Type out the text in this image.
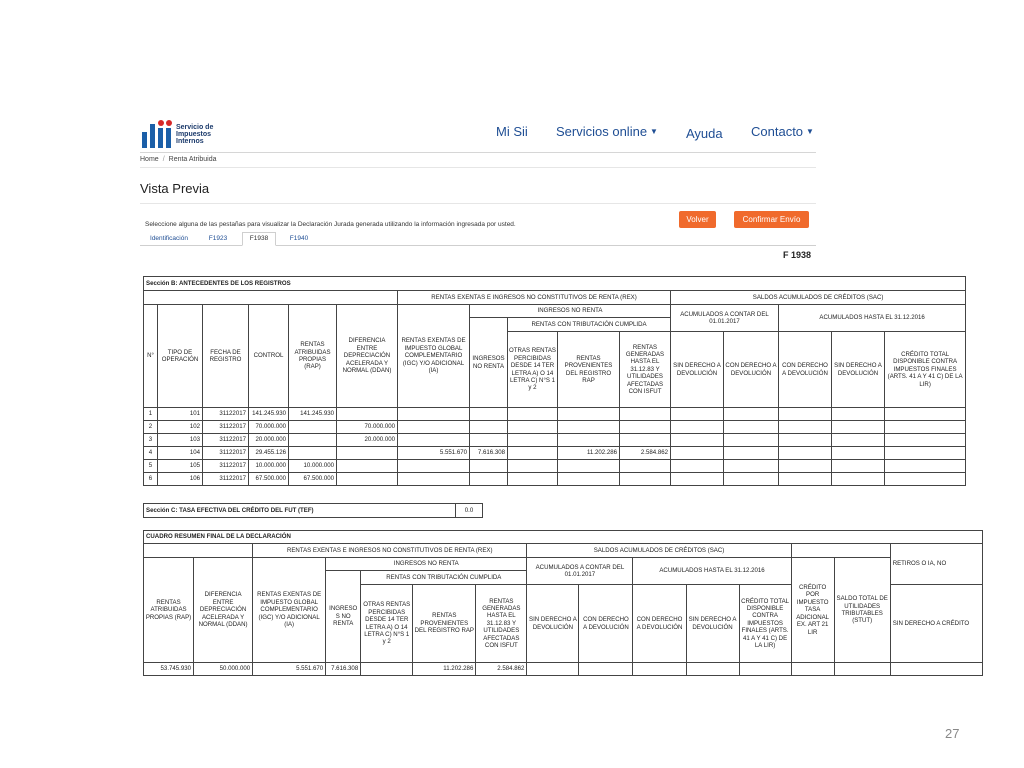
Servicio de
Impuestos
Internos
Mi Sii Servicios online ▼ Ayuda Contacto ▼
Home / Renta Atribuida
Vista Previa
Seleccione alguna de las pestañas para visualizar la Declaración Jurada generada utilizando la información ingresada por usted.
Volver	Confirmar Envío
Identificación	F1923	F1938	F1940
F 1938
Sección B: ANTECEDENTES DE LOS REGISTROS															
						RENTAS EXENTAS E INGRESOS NO CONSTITUTIVOS DE RENTA (REX)					SALDOS ACUMULADOS DE CRÉDITOS (SAC)				
N°	TIPO DE OPERACIÓN	FECHA DE REGISTRO	CONTROL	RENTAS ATRIBUIDAS PROPIAS (RAP)	DIFERENCIA ENTRE DEPRECIACIÓN ACELERADA Y NORMAL (DDAN)	RENTAS EXENTAS DE IMPUESTO GLOBAL COMPLEMENTARIO (IGC) Y/O ADICIONAL (IA)	INGRESOS NO RENTA				ACUMULADOS A CONTAR DEL 01.01.2017		ACUMULADOS HASTA EL 31.12.2016		
							INGRESOS NO RENTA	RENTAS CON TRIBUTACIÓN CUMPLIDA							
								OTRAS RENTAS PERCIBIDAS DESDE 14 TER LETRA A) O 14 LETRA C) N°S 1 y 2	RENTAS PROVENIENTES DEL REGISTRO RAP	RENTAS GENERADAS HASTA EL 31.12.83 Y UTILIDADES AFECTADAS CON ISFUT	SIN DERECHO A DEVOLUCIÓN	CON DERECHO A DEVOLUCIÓN	CON DERECHO A DEVOLUCIÓN	SIN DERECHO A DEVOLUCIÓN	CRÉDITO TOTAL DISPONIBLE CONTRA IMPUESTOS FINALES (ARTS. 41 A Y 41 C) DE LA LIR)
1	101	31122017	141.245.930	141.245.930											
2	102	31122017	70.000.000		70.000.000										
3	103	31122017	20.000.000		20.000.000										
4	104	31122017	29.455.126			5.551.670	7.616.308		11.202.286	2.584.862					
5	105	31122017	10.000.000	10.000.000											
6	106	31122017	67.500.000	67.500.000											
Sección C: TASA EFECTIVA DEL CRÉDITO DEL FUT (TEF)	0.0
CUADRO RESUMEN FINAL DE LA DECLARACIÓN														
		RENTAS EXENTAS E INGRESOS NO CONSTITUTIVOS DE RENTA (REX)					SALDOS ACUMULADOS DE CRÉDITOS (SAC)							RETIROS O IA, NO
RENTAS ATRIBUIDAS PROPIAS (RAP)	DIFERENCIA ENTRE DEPRECIACIÓN ACELERADA Y NORMAL (DDAN)	RENTAS EXENTAS DE IMPUESTO GLOBAL COMPLEMENTARIO (IGC) Y/O ADICIONAL (IA)	INGRESOS NO RENTA				ACUMULADOS A CONTAR DEL 01.01.2017		ACUMULADOS HASTA EL 31.12.2016			CRÉDITO POR IMPUESTO TASA ADICIONAL EX. ART 21 LIR	SALDO TOTAL DE UTILIDADES TRIBUTABLES (STUT)	
			INGRESOS NO RENTA	RENTAS CON TRIBUTACIÓN CUMPLIDA										
				OTRAS RENTAS PERCIBIDAS DESDE 14 TER LETRA A) O 14 LETRA C) N°S 1 y 2	RENTAS PROVENIENTES DEL REGISTRO RAP	RENTAS GENERADAS HASTA EL 31.12.83 Y UTILIDADES AFECTADAS CON ISFUT	SIN DERECHO A DEVOLUCIÓN	CON DERECHO A DEVOLUCIÓN	CON DERECHO A DEVOLUCIÓN	SIN DERECHO A DEVOLUCIÓN	CRÉDITO TOTAL DISPONIBLE CONTRA IMPUESTOS FINALES (ARTS. 41 A Y 41 C) DE LA LIR)			SIN DERECHO A CRÉDITO
53.745.930	50.000.000	5.551.670	7.616.308		11.202.286	2.584.862								
27
